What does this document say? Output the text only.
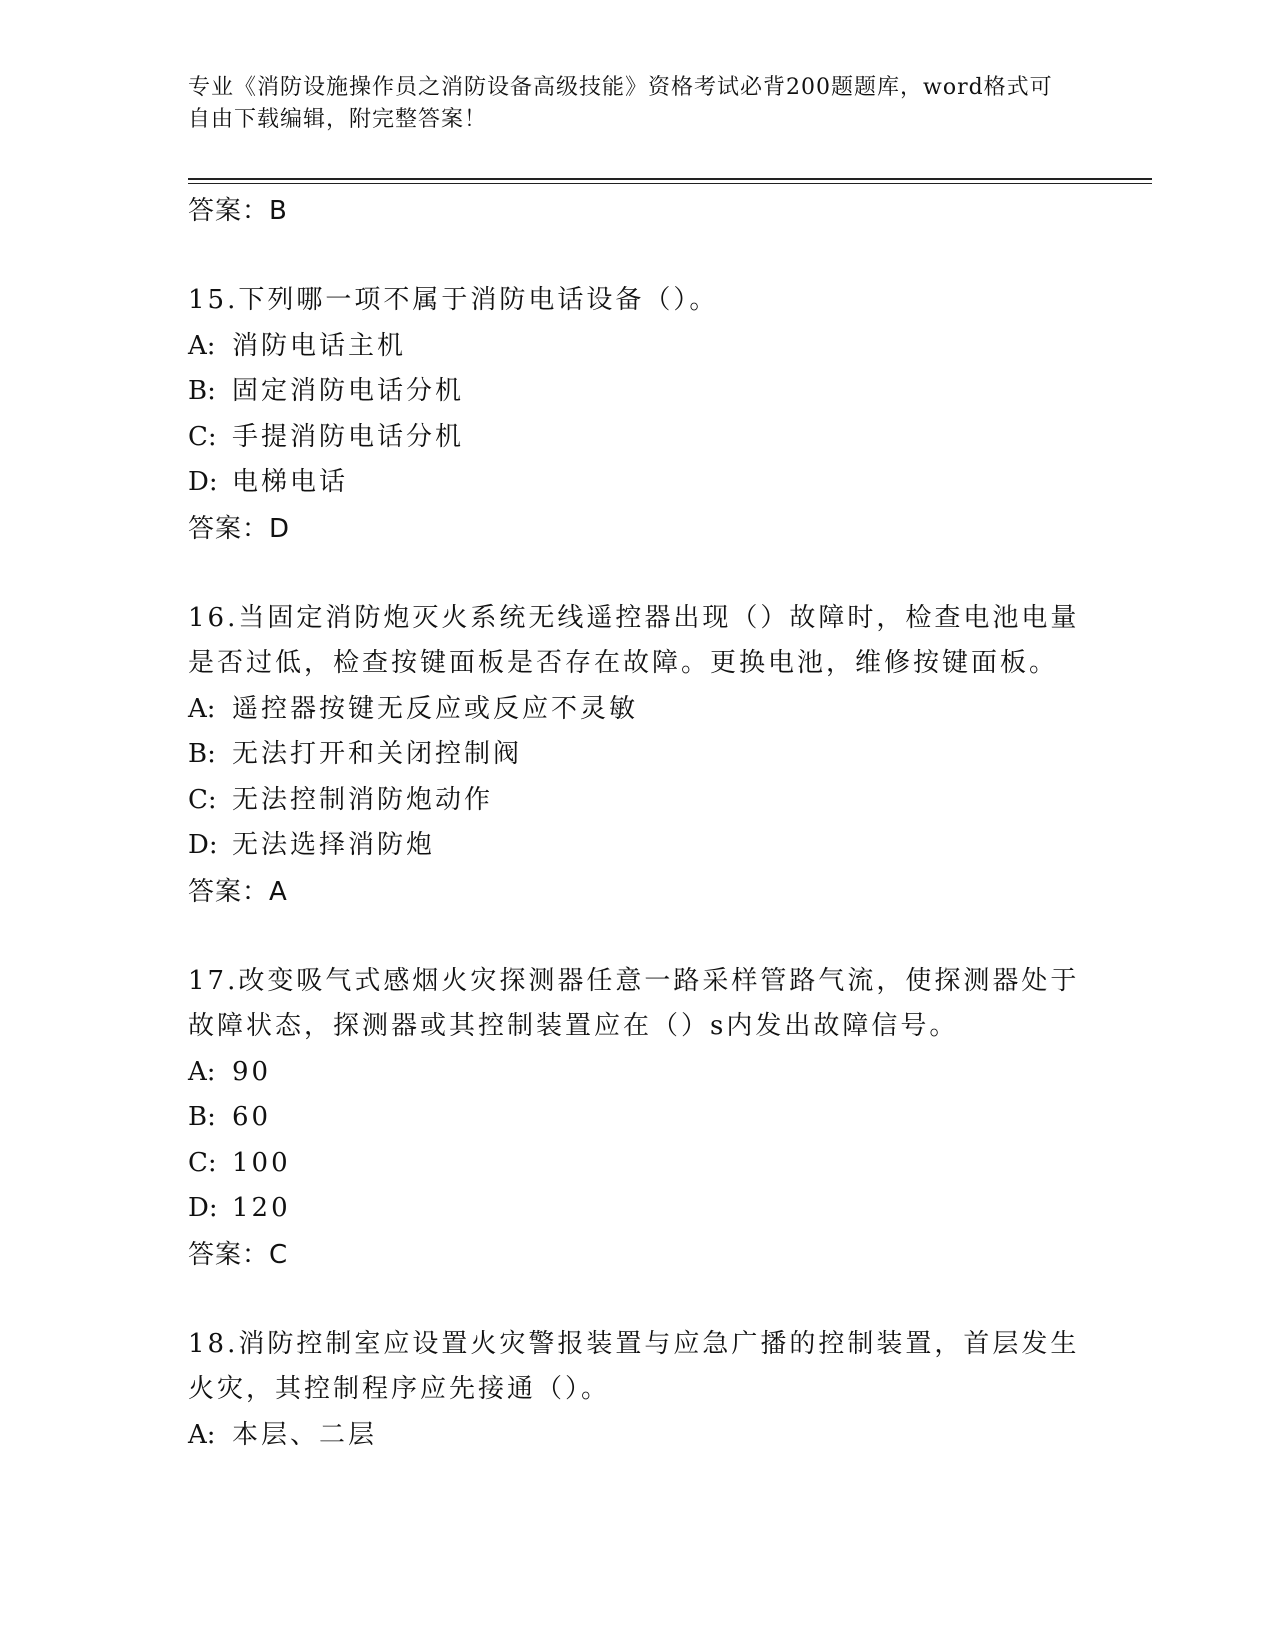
专业《消防设施操作员之消防设备高级技能》资格考试必背200题题库，word格式可自由下载编辑，附完整答案！
答案：B
15.下列哪一项不属于消防电话设备（）。
A: 消防电话主机
B: 固定消防电话分机
C: 手提消防电话分机
D: 电梯电话
答案：D
16.当固定消防炮灭火系统无线遥控器出现（）故障时，检查电池电量是否过低，检查按键面板是否存在故障。更换电池，维修按键面板。
A: 遥控器按键无反应或反应不灵敏
B: 无法打开和关闭控制阀
C: 无法控制消防炮动作
D: 无法选择消防炮
答案：A
17.改变吸气式感烟火灾探测器任意一路采样管路气流，使探测器处于故障状态，探测器或其控制装置应在（）s内发出故障信号。
A: 90
B: 60
C: 100
D: 120
答案：C
18.消防控制室应设置火灾警报装置与应急广播的控制装置，首层发生火灾，其控制程序应先接通（）。
A: 本层、二层
